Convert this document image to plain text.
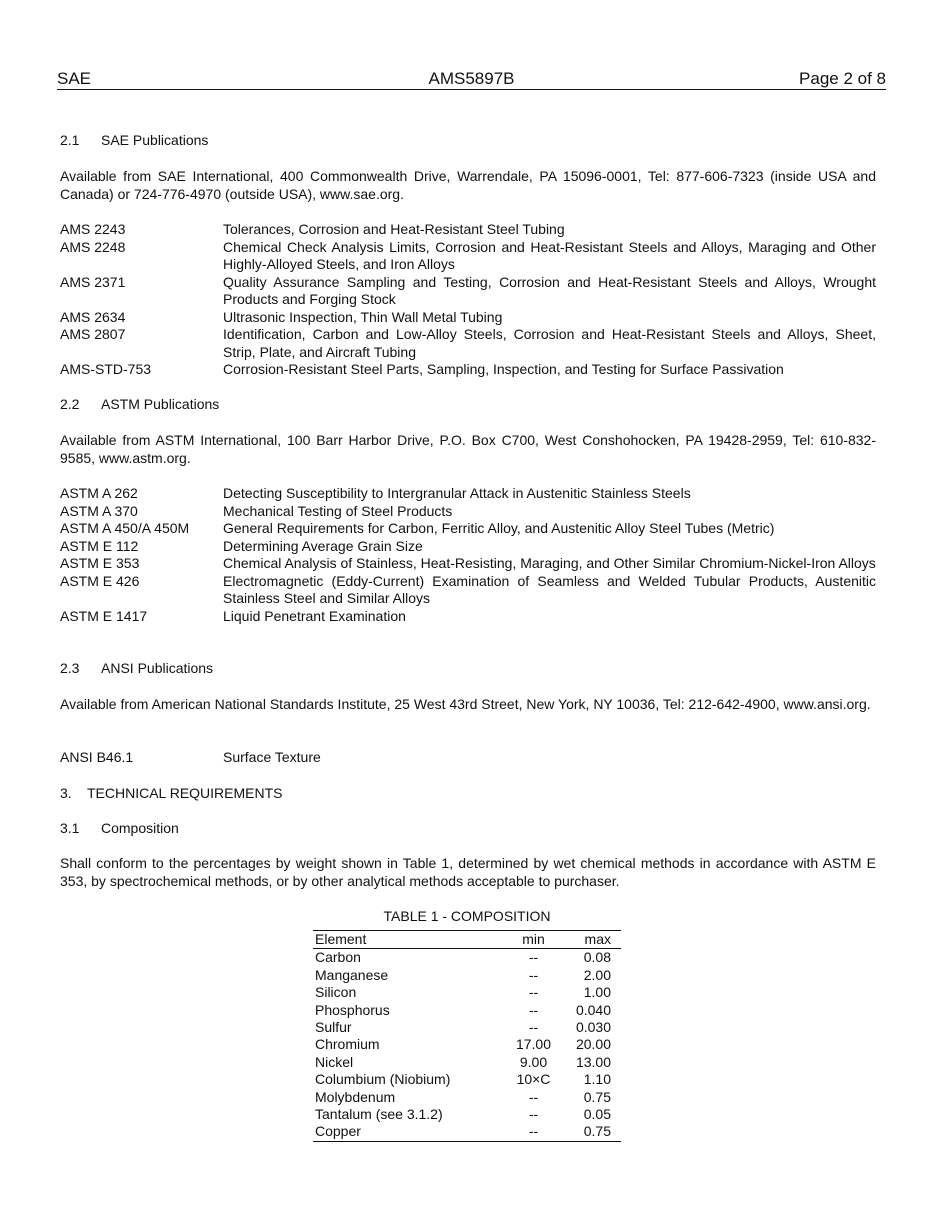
SAE	AMS5897B	Page 2 of 8
2.1 SAE Publications
Available from SAE International, 400 Commonwealth Drive, Warrendale, PA 15096-0001, Tel: 877-606-7323 (inside USA and Canada) or 724-776-4970 (outside USA), www.sae.org.
AMS 2243	Tolerances, Corrosion and Heat-Resistant Steel Tubing
AMS 2248	Chemical Check Analysis Limits, Corrosion and Heat-Resistant Steels and Alloys, Maraging and Other Highly-Alloyed Steels, and Iron Alloys
AMS 2371	Quality Assurance Sampling and Testing, Corrosion and Heat-Resistant Steels and Alloys, Wrought Products and Forging Stock
AMS 2634	Ultrasonic Inspection, Thin Wall Metal Tubing
AMS 2807	Identification, Carbon and Low-Alloy Steels, Corrosion and Heat-Resistant Steels and Alloys, Sheet, Strip, Plate, and Aircraft Tubing
AMS-STD-753	Corrosion-Resistant Steel Parts, Sampling, Inspection, and Testing for Surface Passivation
2.2 ASTM Publications
Available from ASTM International, 100 Barr Harbor Drive, P.O. Box C700, West Conshohocken, PA 19428-2959, Tel: 610-832-9585, www.astm.org.
ASTM A 262	Detecting Susceptibility to Intergranular Attack in Austenitic Stainless Steels
ASTM A 370	Mechanical Testing of Steel Products
ASTM A 450/A 450M	General Requirements for Carbon, Ferritic Alloy, and Austenitic Alloy Steel Tubes (Metric)
ASTM E 112	Determining Average Grain Size
ASTM E 353	Chemical Analysis of Stainless, Heat-Resisting, Maraging, and Other Similar Chromium-Nickel-Iron Alloys
ASTM E 426	Electromagnetic (Eddy-Current) Examination of Seamless and Welded Tubular Products, Austenitic Stainless Steel and Similar Alloys
ASTM E 1417	Liquid Penetrant Examination
2.3 ANSI Publications
Available from American National Standards Institute, 25 West 43rd Street, New York, NY 10036, Tel: 212-642-4900, www.ansi.org.
ANSI B46.1	Surface Texture
3. TECHNICAL REQUIREMENTS
3.1 Composition
Shall conform to the percentages by weight shown in Table 1, determined by wet chemical methods in accordance with ASTM E 353, by spectrochemical methods, or by other analytical methods acceptable to purchaser.
TABLE 1 - COMPOSITION
Element	min	max
Carbon	--	0.08
Manganese	--	2.00
Silicon	--	1.00
Phosphorus	--	0.040
Sulfur	--	0.030
Chromium	17.00	20.00
Nickel	9.00	13.00
Columbium (Niobium)	10×C	1.10
Molybdenum	--	0.75
Tantalum (see 3.1.2)	--	0.05
Copper	--	0.75
